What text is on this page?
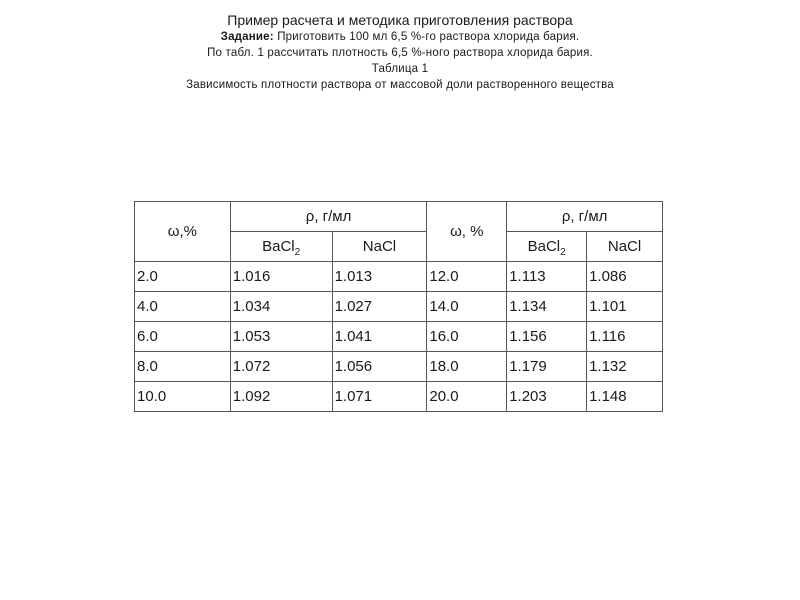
Пример расчета и методика приготовления раствора
Задание: Приготовить 100 мл 6,5 %-го раствора хлорида бария.
По табл. 1 рассчитать плотность 6,5 %-ного раствора хлорида бария.
Таблица 1
Зависимость плотности раствора от массовой доли растворенного вещества
ω,%	ρ, г/мл		ω, %	ρ, г/мл	
	BaCl$_2$	NaCl		BaCl$_2$	NaCl
2.0	1.016	1.013	12.0	1.113	1.086
4.0	1.034	1.027	14.0	1.134	1.101
6.0	1.053	1.041	16.0	1.156	1.116
8.0	1.072	1.056	18.0	1.179	1.132
10.0	1.092	1.071	20.0	1.203	1.148
